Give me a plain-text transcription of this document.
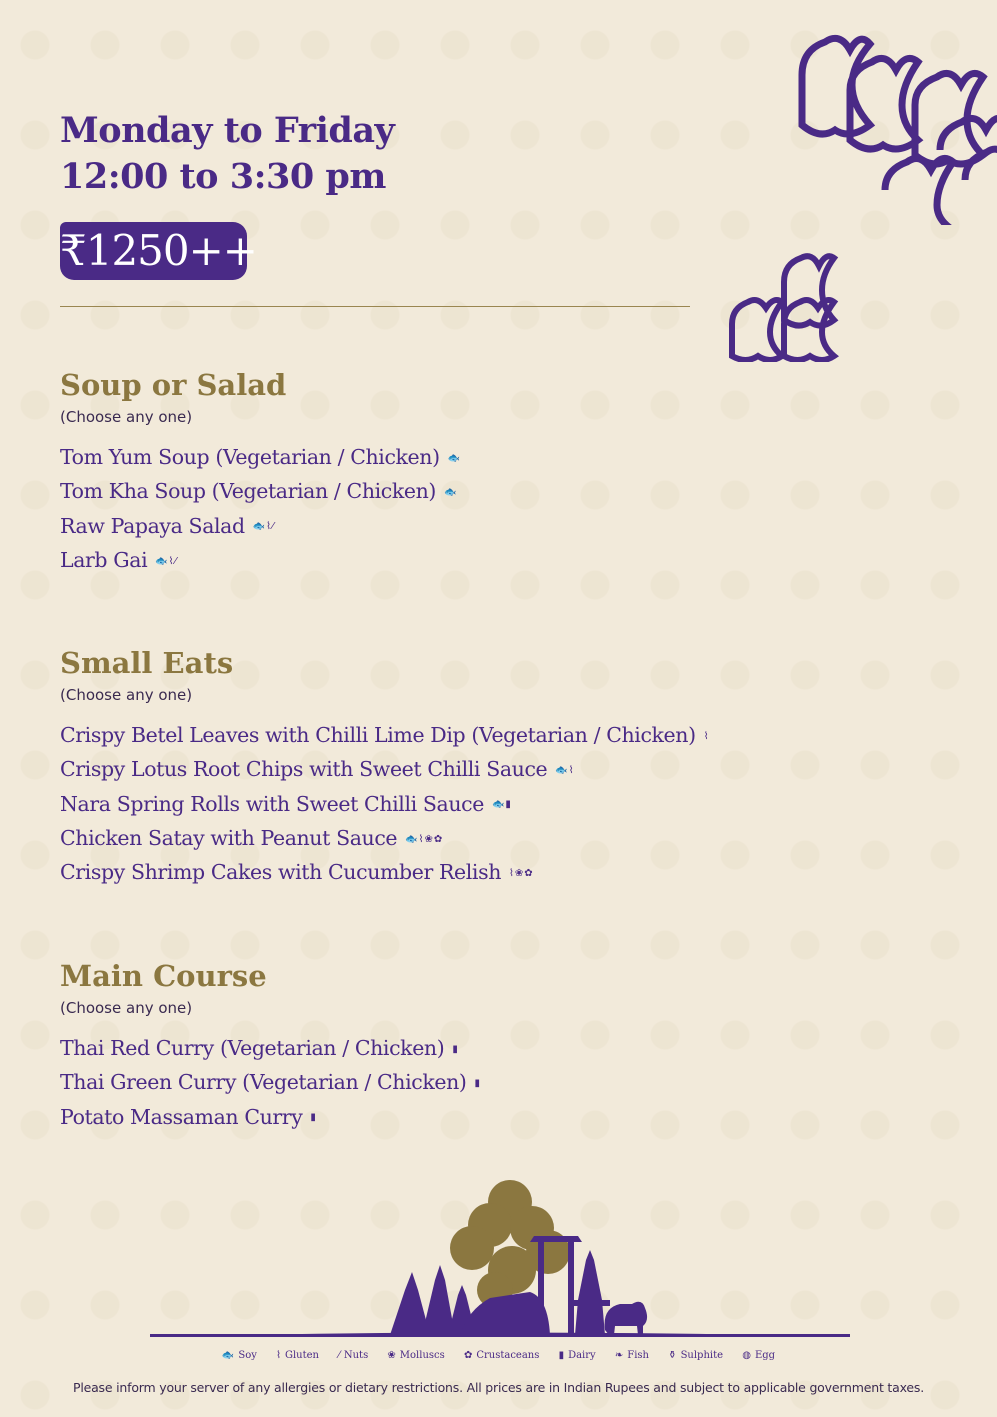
Monday to Friday
12:00 to 3:30 pm
₹1250++
Soup or Salad
(Choose any one)
Tom Yum Soup (Vegetarian / Chicken) 🐟
Tom Kha Soup (Vegetarian / Chicken) 🐟
Raw Papaya Salad 🐟⌇⁄
Larb Gai 🐟⌇⁄
Small Eats
(Choose any one)
Crispy Betel Leaves with Chilli Lime Dip (Vegetarian / Chicken) ⌇
Crispy Lotus Root Chips with Sweet Chilli Sauce 🐟⌇
Nara Spring Rolls with Sweet Chilli Sauce 🐟▮
Chicken Satay with Peanut Sauce 🐟⌇❀✿
Crispy Shrimp Cakes with Cucumber Relish ⌇❀✿
Main Course
(Choose any one)
Thai Red Curry (Vegetarian / Chicken) ▮
Thai Green Curry (Vegetarian / Chicken) ▮
Potato Massaman Curry ▮
🐟 Soy ⌇ Gluten ⁄ Nuts ❀ Molluscs ✿ Crustaceans ▮ Dairy ❧ Fish ⚱ Sulphite ◍ Egg
Please inform your server of any allergies or dietary restrictions. All prices are in Indian Rupees and subject to applicable government taxes.
